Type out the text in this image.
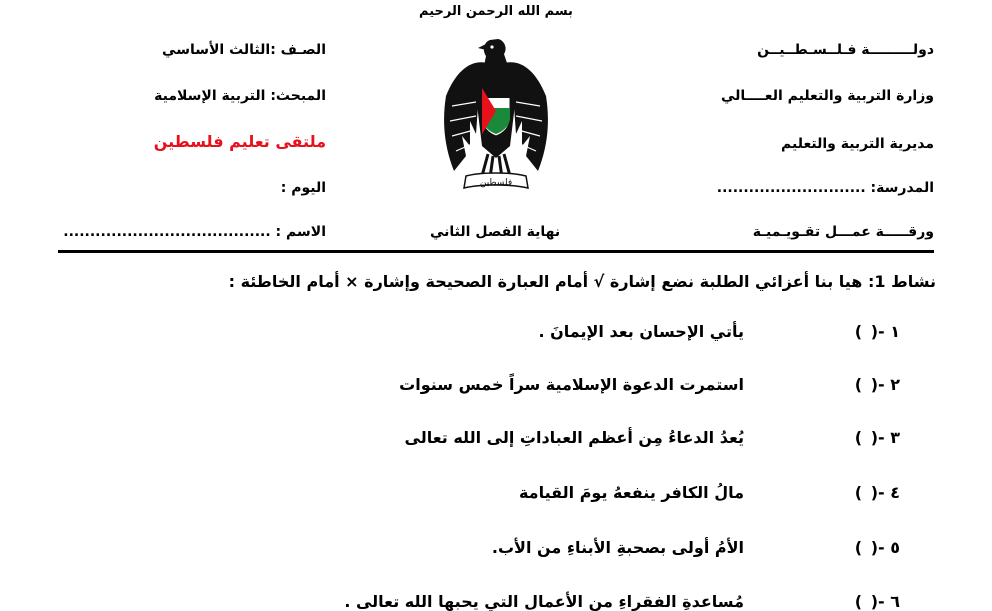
بسم الله الرحمن الرحيم
دولـــــــــة فـلــسـطــيــن
وزارة التربية والتعليم العــــالي
مديرية التربية والتعليم
المدرسة: ............................
ورقـــــة عمـــل تقـويـميـة
فلسطين
نهاية الفصل الثاني
الصـف :الثالث الأساسي
المبحث: التربية الإسلامية
ملتقى تعليم فلسطين
اليوم :
الاسم : .......................................
نشاط 1: هيا بنا أعزائي الطلبة نضع إشارة √ أمام العبارة الصحيحة وإشارة × أمام الخاطئة :
١ -()يأتي الإحسان بعد الإيمانَ .
٢ -()استمرت الدعوة الإسلامية سراً خمس سنوات
٣ -()يُعدُ الدعاءُ مِن أعظم العباداتِ إلى الله تعالى
٤ -()مالُ الكافر ينفعهُ يومَ القيامة
٥ -()الأمُ أولى بصحبةِ الأبناءِ من الأب.
٦ -()مُساعدةِ الفقراءِ من الأعمال التي يحبها الله تعالى .
